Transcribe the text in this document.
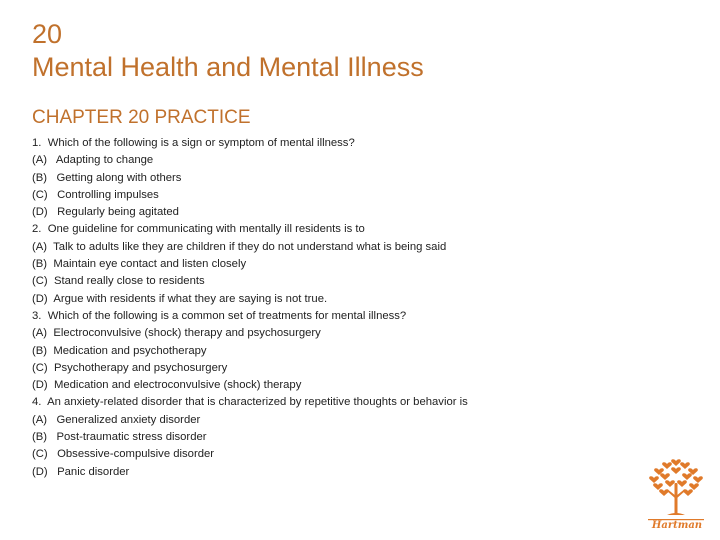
20
Mental Health and Mental Illness
CHAPTER 20 PRACTICE
1.  Which of the following is a sign or symptom of mental illness?
(A)   Adapting to change
(B)   Getting along with others
(C)   Controlling impulses
(D)   Regularly being agitated
2.  One guideline for communicating with mentally ill residents is to
(A)  Talk to adults like they are children if they do not understand what is being said
(B)  Maintain eye contact and listen closely
(C)  Stand really close to residents
(D)  Argue with residents if what they are saying is not true.
3.  Which of the following is a common set of treatments for mental illness?
(A)  Electroconvulsive (shock) therapy and psychosurgery
(B)  Medication and psychotherapy
(C)  Psychotherapy and psychosurgery
(D)  Medication and electroconvulsive (shock) therapy
4.  An anxiety-related disorder that is characterized by repetitive thoughts or behavior is
(A)   Generalized anxiety disorder
(B)   Post-traumatic stress disorder
(C)   Obsessive-compulsive disorder
(D)   Panic disorder
Hartman
